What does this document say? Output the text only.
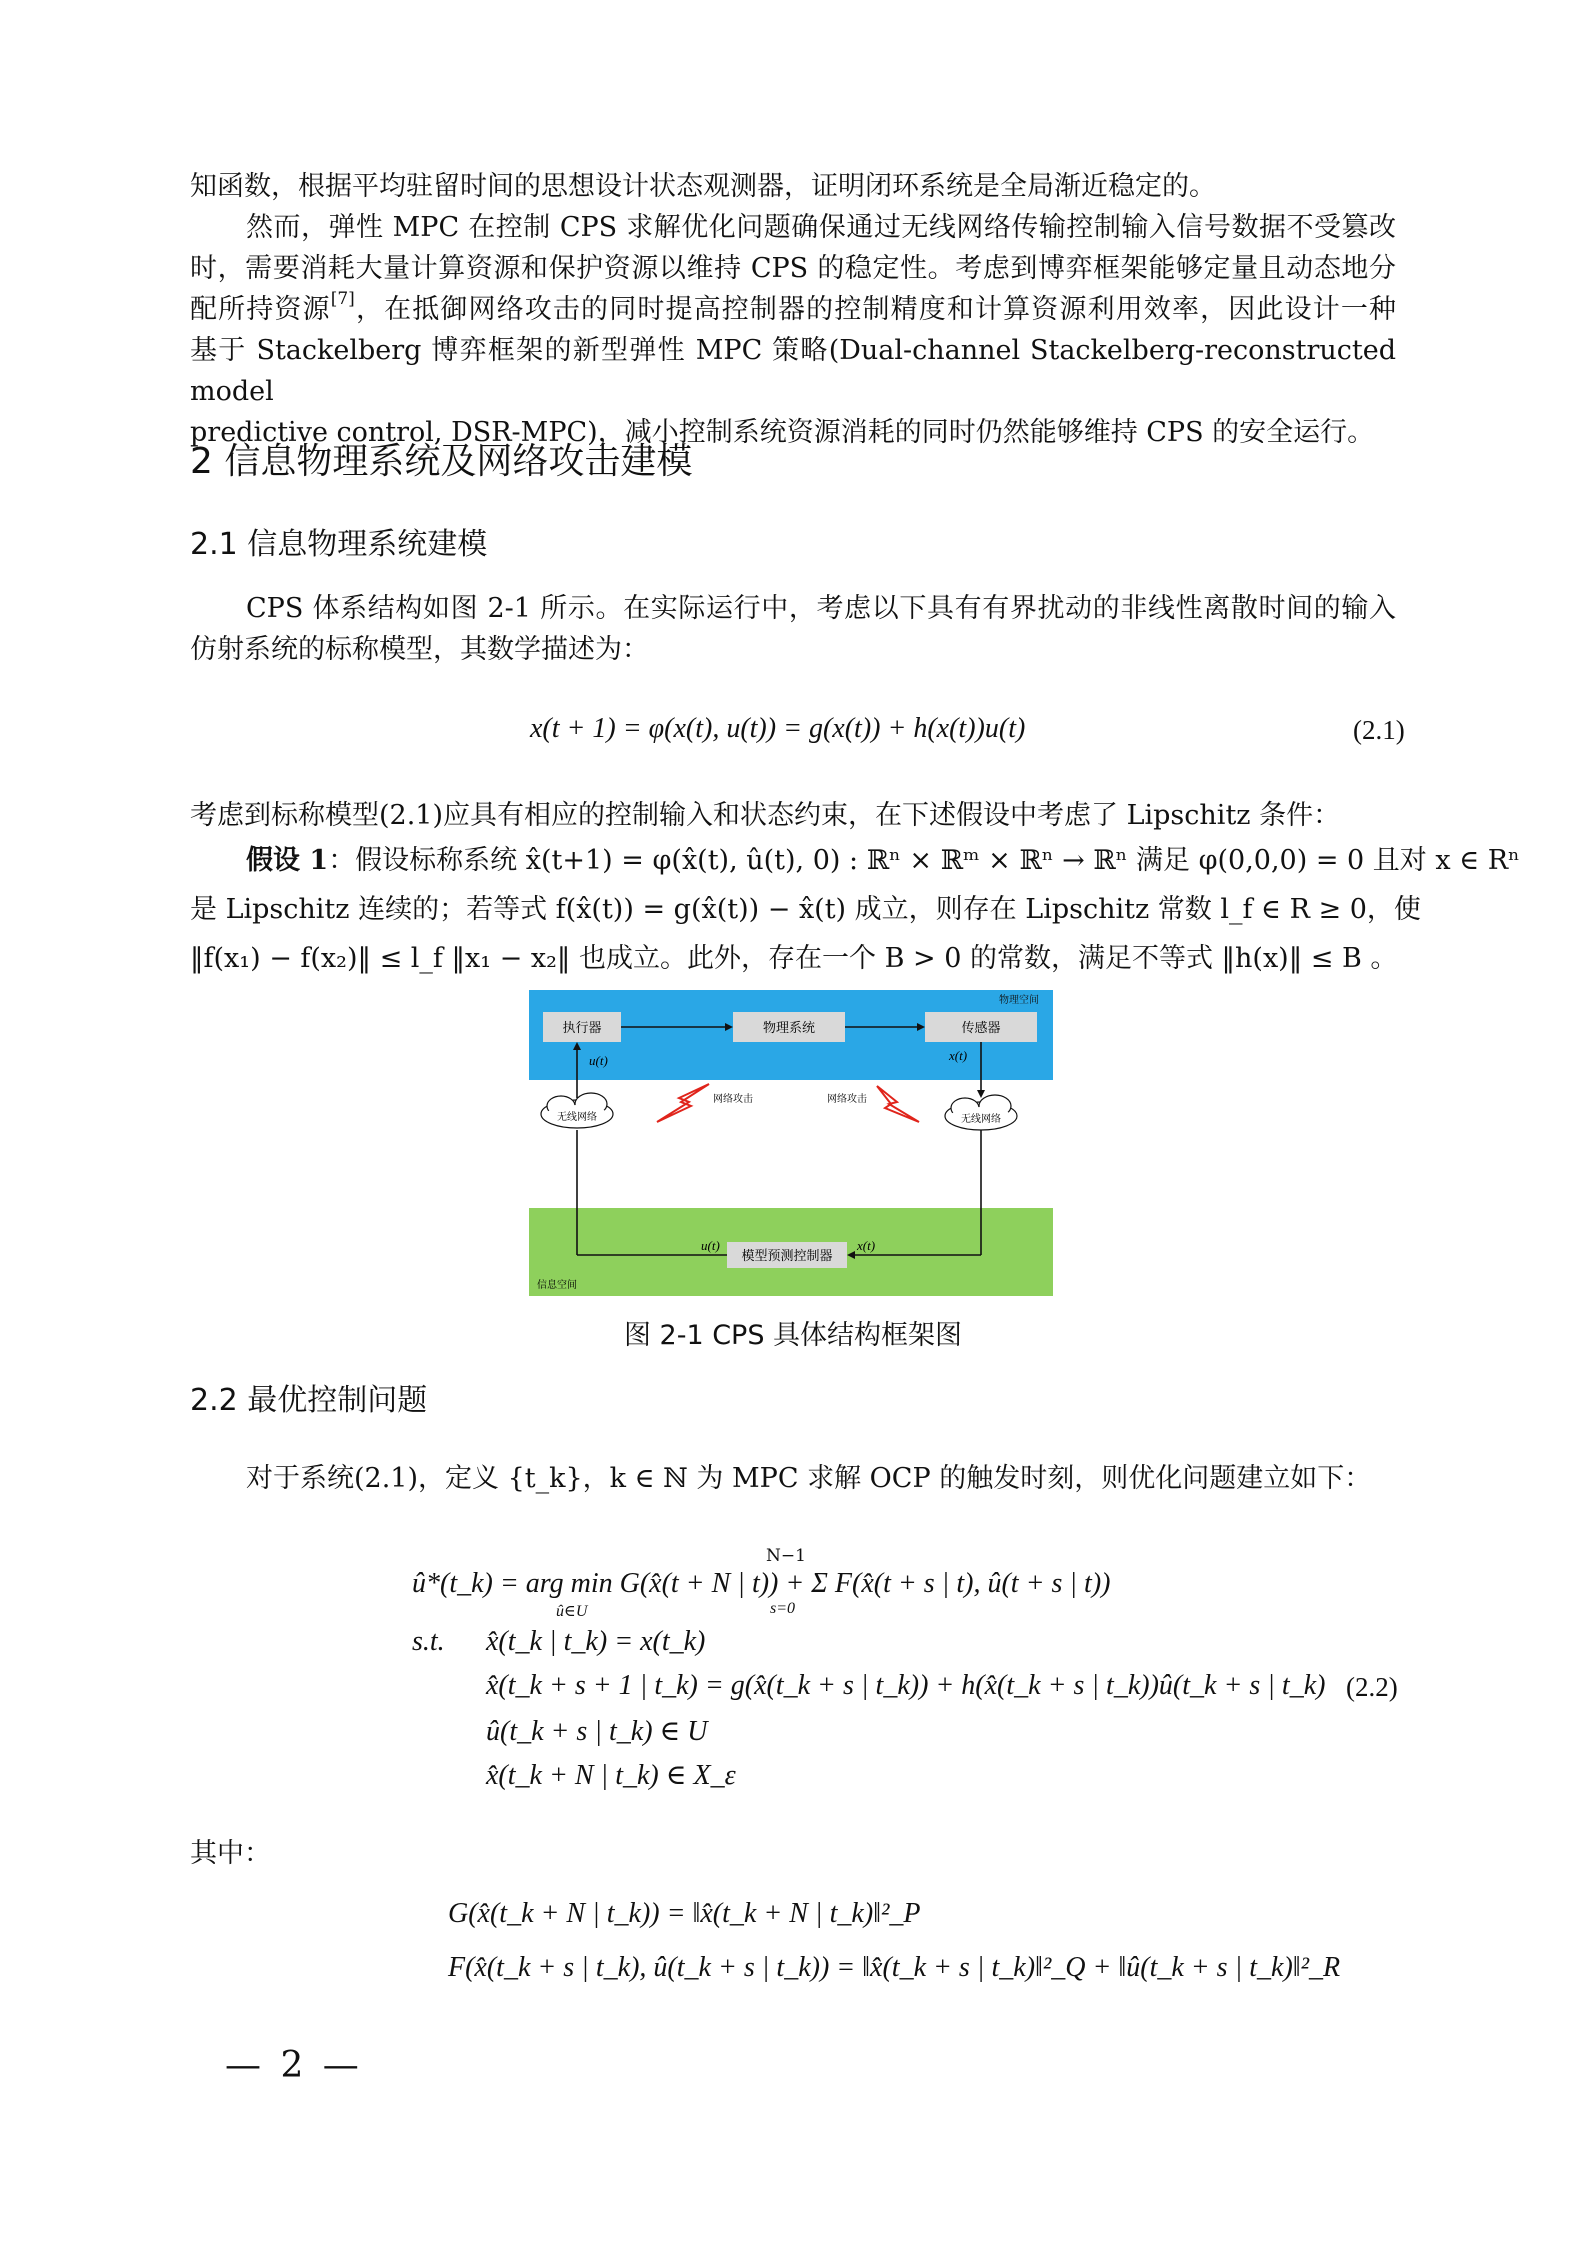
知函数，根据平均驻留时间的思想设计状态观测器，证明闭环系统是全局渐近稳定的。

然而，弹性 MPC 在控制 CPS 求解优化问题确保通过无线网络传输控制输入信号数据不受篡改
时，需要消耗大量计算资源和保护资源以维持 CPS 的稳定性。考虑到博弈框架能够定量且动态地分
配所持资源[7]，在抵御网络攻击的同时提高控制器的控制精度和计算资源利用效率，因此设计一种
基于 Stackelberg 博弈框架的新型弹性 MPC 策略(Dual-channel Stackelberg-reconstructed model
predictive control, DSR-MPC)，减小控制系统资源消耗的同时仍然能够维持 CPS 的安全运行。
2 信息物理系统及网络攻击建模
2.1 信息物理系统建模
CPS 体系结构如图 2-1 所示。在实际运行中，考虑以下具有有界扰动的非线性离散时间的输入
仿射系统的标称模型，其数学描述为：
x(t + 1) = φ(x(t), u(t)) = g(x(t)) + h(x(t))u(t)	(2.1)

考虑到标称模型(2.1)应具有相应的控制输入和状态约束，在下述假设中考虑了 Lipschitz 条件：

假设 1：假设标称系统 x̂(t+1) = φ(x̂(t), û(t), 0) : ℝⁿ × ℝᵐ × ℝⁿ → ℝⁿ 满足 φ(0,0,0) = 0 且对 x ∈ Rⁿ
是 Lipschitz 连续的；若等式 f(x̂(t)) = g(x̂(t)) − x̂(t) 成立，则存在 Lipschitz 常数 l_f ∈ R ≥ 0，使
‖f(x₁) − f(x₂)‖ ≤ l_f ‖x₁ − x₂‖ 也成立。此外，存在一个 B > 0 的常数，满足不等式 ‖h(x)‖ ≤ B 。
物理空间
执行器	物理系统	传感器
u(t)	x(t)
无线网络	无线网络
网络攻击	网络攻击
模型预测控制器
u(t)	x(t)
信息空间
图 2-1 CPS 具体结构框架图
2.2 最优控制问题

对于系统(2.1)，定义 {t_k}，k ∈ ℕ 为 MPC 求解 OCP 的触发时刻，则优化问题建立如下：

N−1
û*(t_k) = arg min G(x̂(t + N | t)) + Σ F(x̂(t + s | t), û(t + s | t))
û∈U	s=0
s.t. x̂(t_k | t_k) = x(t_k)
x̂(t_k + s + 1 | t_k) = g(x̂(t_k + s | t_k)) + h(x̂(t_k + s | t_k))û(t_k + s | t_k)
û(t_k + s | t_k) ∈ U
x̂(t_k + N | t_k) ∈ X_ε
(2.2)

其中：

G(x̂(t_k + N | t_k)) = ‖x̂(t_k + N | t_k)‖²_P
F(x̂(t_k + s | t_k), û(t_k + s | t_k)) = ‖x̂(t_k + s | t_k)‖²_Q + ‖û(t_k + s | t_k)‖²_R
— 2 —
